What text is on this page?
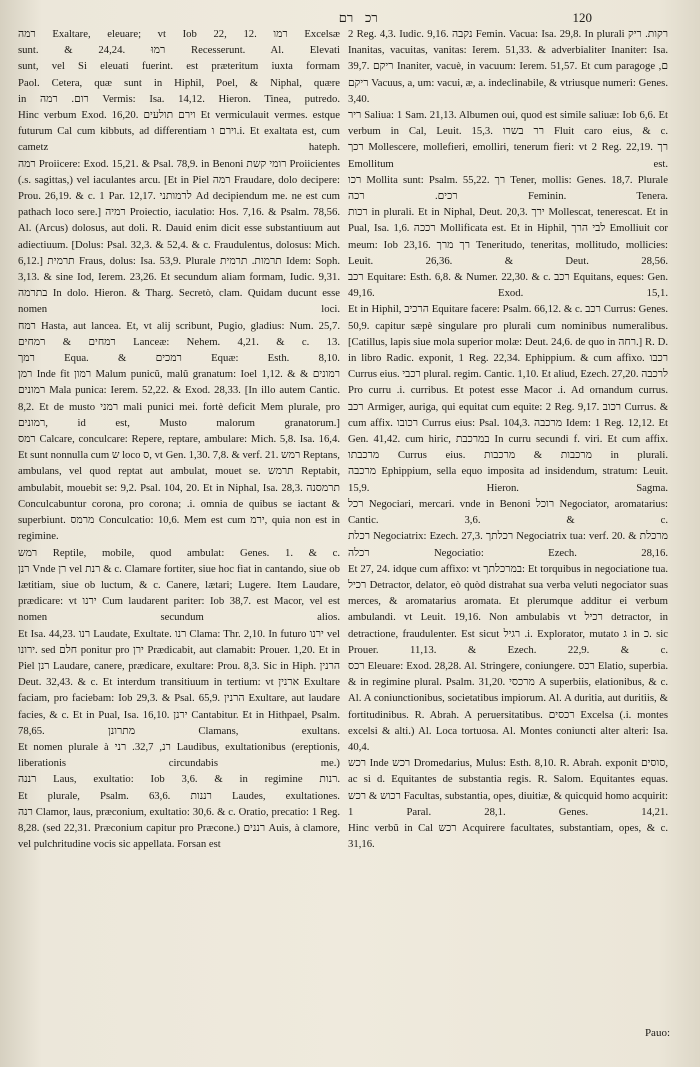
רם רכ	120

רמה Exaltare, eleuare; vt Iob 22, 12. רמו Excelsæ

sunt. & 24,24. רמוּ Recesserunt. Al. Elevati

sunt, vel Si eleuati fuerint. est præteritum iuxta formam

Paol. Cetera, quæ sunt in Hiphil, Poel, & Niphal, quære

in רום. רמה Vermis: Isa. 14,12. Hieron. Tinea, putredo.

Hinc verbum Exod. 16,20. וירם תולעים Et vermiculauit vermes. estque futurum Cal cum kibbuts, ad differentiam וירם ו.i. Et exaltata est, cum cametz hateph.

רמה Proiicere: Exod. 15,21. & Psal. 78,9. in Benoni רומי קשת Proiicientes (.s. sagittas,) vel iaculantes arcu. [Et in Piel רמה Fraudare, dolo decipere: Prou. 26,19. & c. 1 Par. 12,17. לרמותני Ad decipiendum me. ne est cum pathach loco sere.] רמיה Proiectio, iaculatio: Hos. 7,16. & Psalm. 78,56. Al. (Arcus) dolosus, aut doli. R. Dauid enim dicit esse substantiuum aut adiectiuum. [Dolus: Psal. 32,3. & 52,4. & c. Fraudulentus, dolosus: Mich. 6,12.] תרמית Fraus, dolus: Isa. 53,9. Plurale תרמות. תרמית Idem: Soph. 3,13. & sine Iod, Ierem. 23,26. Et secundum aliam formam, Iudic. 9,31. בתרמה In dolo. Hieron. & Tharg. Secretò, clam. Quidam ducunt esse nomen loci.

רמח Hasta, aut lancea. Et, vt alij scribunt, Pugio, gladius: Num. 25,7. רמחים & רמחים Lanceæ: Nehem. 4,21. & c. 13.

רמך Equa. & רמכים Equæ: Esth. 8,10.

רמן Inde fit רמון Malum punicũ, malũ granatum: Ioel 1,12. & רמונים & רמונים Mala punica: Ierem. 52,22. & Exod. 28,33. [In illo autem Cantic. 8,2. Et de musto רמני mali punici mei. fortè deficit Mem plurale, pro רמונים, id est, Musto malorum granatorum.]

רמס Calcare, conculcare: Repere, reptare, ambulare: Mich. 5,8. Isa. 16,4. Et sunt nonnulla cum ש loco ס, vt Gen. 1,30. 7,8. & verf. 21. רמש Reptans, ambulans, vel quod reptat aut ambulat, mouet se. תרמש Reptabit, ambulabit, mouebit se: 9,2. Psal. 104, 20. Et in Niphal, Isa. 28,3. תרמסנה Conculcabuntur corona, pro corona; .i. omnia de quibus se iactant & superbiunt. מרמס Conculcatio: 10,6. Mem est cum ירמ, quia non est in regimine.

רמש Reptile, mobile, quod ambulat: Genes. 1. & c.

רנן Vnde רן vel רנת & c. Clamare fortiter, siue hoc fiat in cantando, siue ob lætitiam, siue ob luctum, & c. Canere, lætari; Lugere. Item Laudare, prædicare: vt ירנו Cum laudarent pariter: Iob 38,7. est Macor, vel est nomen secundum alios.

Et Isa. 44,23. רנו Laudate, Exultate. רנו Clama: Thr. 2,10. In futuro ירנו vel ירונו. sed חלם ponitur pro ירן Prædicabit, aut clamabit: Prouer. 1,20. Et in Piel רנן Laudare, canere, prædicare, exultare: Prou. 8,3. Sic in Hiph. הרנין Deut. 32,43. & c. Et interdum transitiuum in tertium: vt ארנין Exultare faciam, pro faciebam: Iob 29,3. & Psal. 65,9. הרנין Exultare, aut laudare facies, & c. Et in Pual, Isa. 16,10. ירנן Cantabitur. Et in Hithpael, Psalm. 78,65. מתרונן Clamans, exultans.

Et nomen plurale à רנ, 32,7. רני Laudibus, exultationibus (ereptionis, liberationis circundabis me.)

רננה Laus, exultatio: Iob 3,6. & in regimine רנות.

Et plurale, Psalm. 63,6. רננות Laudes, exultationes.

רנה Clamor, laus, præconium, exultatio: 30,6. & c. Oratio, precatio: 1 Reg. 8,28. (sed 22,31. Præconium capitur pro Præcone.) רננים Auis, à clamore, vel pulchritudine vocis sic appellata. Forsan est

2 Reg. 4,3. Iudic. 9,16. נקבה Femin. Vacua: Isa. 29,8. In plurali רקות. ריק Inanitas, vacuitas, vanitas: Ierem. 51,33. & adverbialiter Inaniter: Isa. 39,7. ריקם Inaniter, vacuè, in vacuum: Ierem. 51,57. Et cum paragoge ם, ריקם Vacuus, a, um: vacui, æ, a. indeclinabile, & vtriusque numeri: Genes. 3,40.

ריר Saliua: 1 Sam. 21,13. Albumen oui, quod est simile saliuæ: Iob 6,6. Et verbum in Cal, Leuit. 15,3. רר בשרו Fluit caro eius, & c.

רכך Mollescere, mollefieri, emolliri, tenerum fieri: vt 2 Reg. 22,19. רך Emollitum est.

רכו Mollita sunt: Psalm. 55,22. רך Tener, mollis: Genes. 18,7. Plurale רכים. רכה Feminin. Tenera.

רכות in plurali. Et in Niphal, Deut. 20,3. ירך Mollescat, tenerescat. Et in Pual, Isa. 1,6. רככה Mollificata est. Et in Hiphil, לבי הרך Emolliuit cor meum: Iob 23,16. רך מרך Teneritudo, teneritas, mollitudo, mollicies: Leuit. 26,36. & Deut. 28,56.

רכב Equitare: Esth. 6,8. & Numer. 22,30. & c. רכב Equitans, eques: Gen. 49,16. Exod. 15,1.

Et in Hiphil, הרכיב Equitare facere: Psalm. 66,12. & c. רכב Currus: Genes. 50,9. capitur sæpè singulare pro plurali cum nominibus numeralibus. [Catillus, lapis siue mola superior molæ: Deut. 24,6. de quo in רחה.] R. D. in libro Radic. exponit, 1 Reg. 22,34. Ephippium. & cum affixo. רכבו Currus eius. רכבי plural. regim. Cantic. 1,10. Et aliud, Ezech. 27,20. לרכבה Pro curru .i. curribus. Et potest esse Macor .i. Ad ornandum currus.

רכב Armiger, auriga, qui equitat cum equite: 2 Reg. 9,17. רכוב Currus. & cum affix. רכובו Currus eius: Psal. 104,3. מרכבה Idem: 1 Reg. 12,12. Et Gen. 41,42. cum hiric, במרכבת In curru secundi f. viri. Et cum affix. מרכבתו Currus eius. מרכבות & מרכבות in plurali.

מרכבה Ephippium, sella equo imposita ad insidendum, stratum: Leuit. 15,9. Hieron. Sagma.

רכל Negociari, mercari. vnde in Benoni רוכל Negociator, aromatarius: Cantic. 3,6. & c.

רכלת Negociatrix: Ezech. 27,3. רכלתך Negociatrix tua: verf. 20. מרכלת & רכלה Negociatio: Ezech. 28,16.

Et 27, 24. idque cum affixo: vt במרכלתך: Et torquibus in negociatione tua. רכיל Detractor, delator, eò quòd distrahat sua verba veluti negociator suas merces, & aromatarius aromata. Et plerumque additur ei verbum ambulandi. vt Leuit. 19,16. Non ambulabis vt רכיל detractor, in detractione, fraudulenter. Est sicut רגיל .i. Explorator, mutato ג in כ. sic Prouer. 11,13. & Ezech. 22,9. & c.

רכס Eleuare: Exod. 28,28. Al. Stringere, coniungere. רכס Elatio, superbia. & in regimine plural. Psalm. 31,20. מרכסי A superbiis, elationibus, & c. Al. A coniunctionibus, societatibus impiorum. Al. A duritia, aut duritiis, & fortitudinibus. R. Abrah. A peruersitatibus. רכסים Excelsa (.i. montes excelsi & alti.) Al. Loca tortuosa. Al. Montes coniuncti alter alteri: Isa. 40,4.

רכש Inde רכש Dromedarius, Mulus: Esth. 8,10. R. Abrah. exponit סוסים, ac si d. Equitantes de substantia regis. R. Salom. Equitantes equas.

רכוש & רכש Facultas, substantia, opes, diuitiæ, & quicquid homo acquirit: 1 Paral. 28,1. Genes. 14,21.

Hinc verbũ in Cal רכש Acquirere facultates, substantiam, opes, & c. 31,16.

Pauo:
